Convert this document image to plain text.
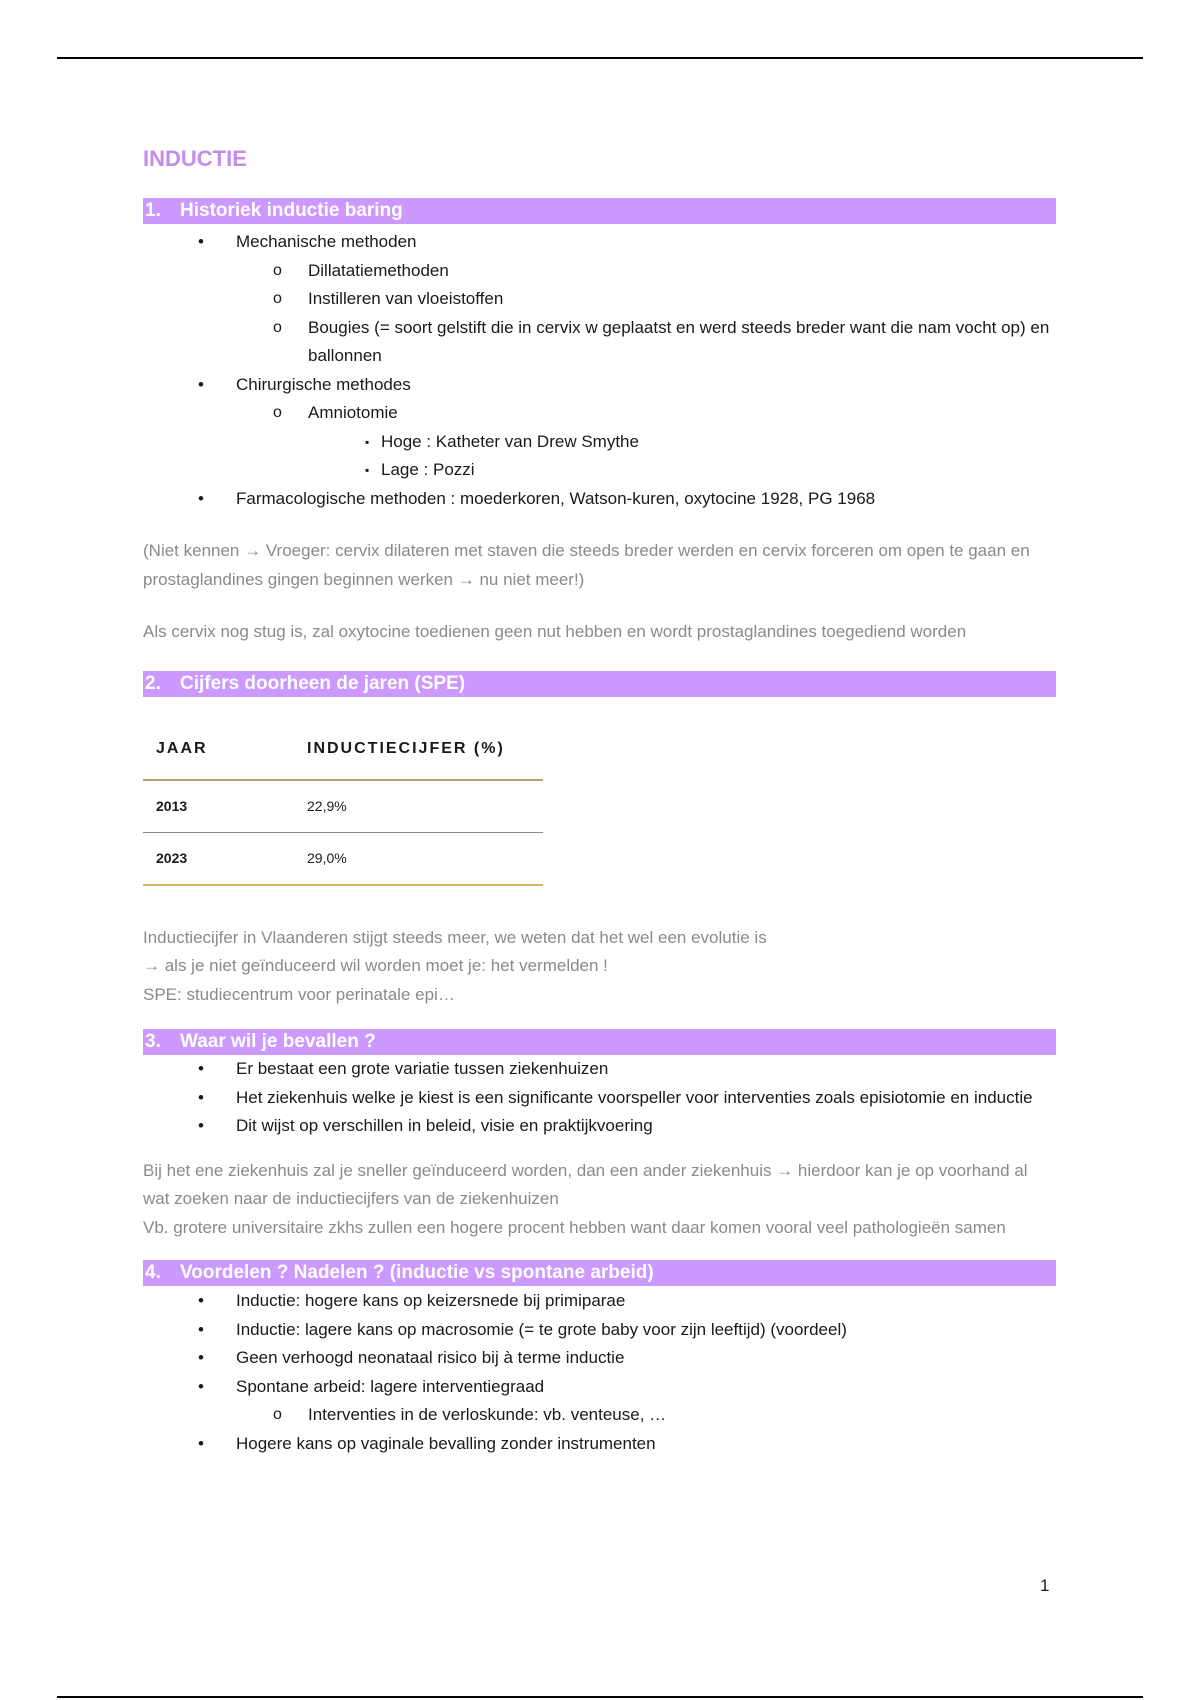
INDUCTIE
1. Historiek inductie baring
• Mechanische methoden
o Dillatatiemethoden
o Instilleren van vloeistoffen
o Bougies (= soort gelstift die in cervix w geplaatst en werd steeds breder want die nam vocht op) en ballonnen
• Chirurgische methodes
o Amniotomie
▪ Hoge : Katheter van Drew Smythe
▪ Lage : Pozzi
• Farmacologische methoden : moederkoren, Watson-kuren, oxytocine 1928, PG 1968

(Niet kennen → Vroeger: cervix dilateren met staven die steeds breder werden en cervix forceren om open te gaan en prostaglandines gingen beginnen werken → nu niet meer!)

Als cervix nog stug is, zal oxytocine toedienen geen nut hebben en wordt prostaglandines toegediend worden

2. Cijfers doorheen de jaren (SPE)
JAAR	INDUCTIECIJFER (%)
2013	22,9%
2023	29,0%

Inductiecijfer in Vlaanderen stijgt steeds meer, we weten dat het wel een evolutie is

→ als je niet geïnduceerd wil worden moet je: het vermelden !

SPE: studiecentrum voor perinatale epi…

3. Waar wil je bevallen ?
• Er bestaat een grote variatie tussen ziekenhuizen
• Het ziekenhuis welke je kiest is een significante voorspeller voor interventies zoals episiotomie en inductie
• Dit wijst op verschillen in beleid, visie en praktijkvoering

Bij het ene ziekenhuis zal je sneller geïnduceerd worden, dan een ander ziekenhuis → hierdoor kan je op voorhand al wat zoeken naar de inductiecijfers van de ziekenhuizen

Vb. grotere universitaire zkhs zullen een hogere procent hebben want daar komen vooral veel pathologieën samen

4. Voordelen ? Nadelen ? (inductie vs spontane arbeid)
• Inductie: hogere kans op keizersnede bij primiparae
• Inductie: lagere kans op macrosomie (= te grote baby voor zijn leeftijd) (voordeel)
• Geen verhoogd neonataal risico bij à terme inductie
• Spontane arbeid: lagere interventiegraad
o Interventies in de verloskunde: vb. venteuse, …
• Hogere kans op vaginale bevalling zonder instrumenten
1
